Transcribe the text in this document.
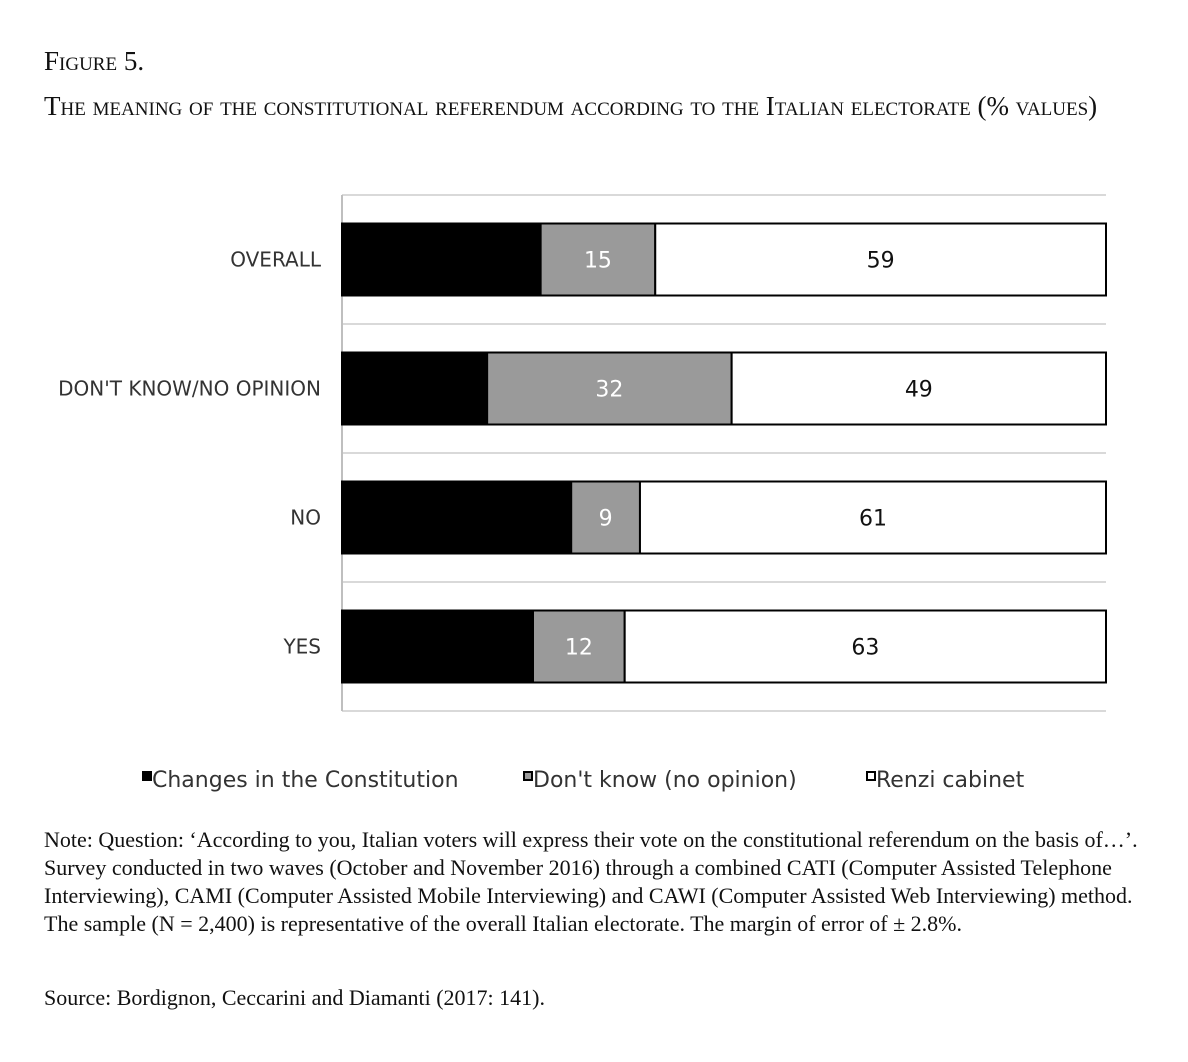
Figure 5.
The meaning of the constitutional referendum according to the Italian electorate (% values)
OVERALL	15	59
DON'T KNOW/NO OPINION	32	49
NO	9	61
YES	12	63
Changes in the Constitution	Don't know (no opinion)	Renzi cabinet
Note: Question: ‘According to you, Italian voters will express their vote on the constitutional referendum on the basis of…’. Survey conducted in two waves (October and November 2016) through a combined CATI (Computer Assisted Telephone Interviewing), CAMI (Computer Assisted Mobile Interviewing) and CAWI (Computer Assisted Web Interviewing) method. The sample (N = 2,400) is representative of the overall Italian electorate. The margin of error of ± 2.8%.
Source: Bordignon, Ceccarini and Diamanti (2017: 141).
